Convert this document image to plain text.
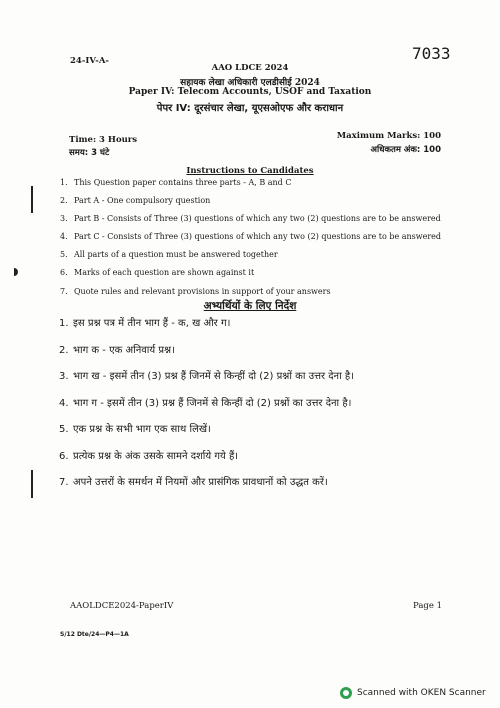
24-IV-A-	7033
AAO LDCE 2024
सहायक लेखा अधिकारी एलडीसीई 2024
Paper IV: Telecom Accounts, USOF and Taxation
पेपर IV: दूरसंचार लेखा, यूएसओएफ और कराधान
Time: 3 Hours
समय: 3 घंटे
Maximum Marks: 100
अधिकतम अंक: 100
Instructions to Candidates
1. This Question paper contains three parts - A, B and C
2. Part A - One compulsory question
3. Part B - Consists of Three (3) questions of which any two (2) questions are to be answered
4. Part C - Consists of Three (3) questions of which any two (2) questions are to be answered
5. All parts of a question must be answered together
6. Marks of each question are shown against it
7. Quote rules and relevant provisions in support of your answers
अभ्यर्थियों के लिए निर्देश
1. इस प्रश्न पत्र में तीन भाग हैं - क, ख और ग।
2. भाग क - एक अनिवार्य प्रश्न।
3. भाग ख - इसमें तीन (3) प्रश्न हैं जिनमें से किन्हीं दो (2) प्रश्नों का उत्तर देना है।
4. भाग ग - इसमें तीन (3) प्रश्न हैं जिनमें से किन्हीं दो (2) प्रश्नों का उत्तर देना है।
5. एक प्रश्न के सभी भाग एक साथ लिखें।
6. प्रत्येक प्रश्न के अंक उसके सामने दर्शाये गये हैं।
7. अपने उत्तरों के समर्थन में नियमों और प्रासंगिक प्रावधानों को उद्धत करें।
AAOLDCE2024-PaperIV	Page 1
S/12 Dte/24—P4—1A
Scanned with OKEN Scanner
